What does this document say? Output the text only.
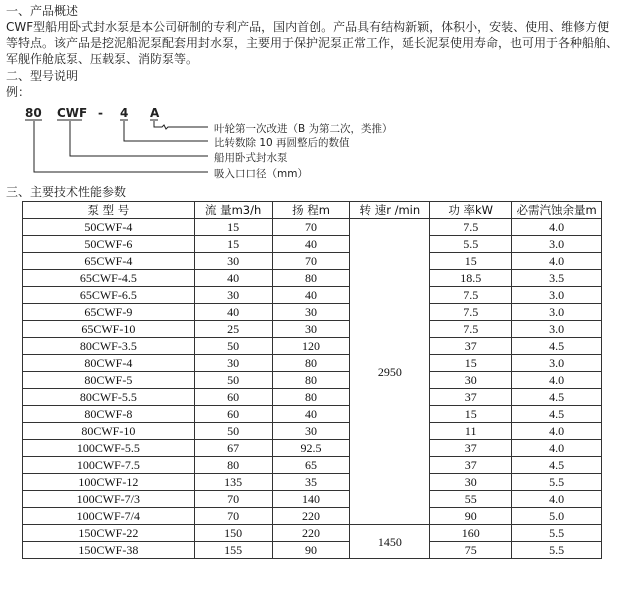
一、产品概述
CWF型船用卧式封水泵是本公司研制的专利产品，国内首创。产品具有结构新颖，体积小，安装、使用、维修方便等特点。该产品是挖泥船泥泵配套用封水泵，主要用于保护泥泵正常工作，延长泥泵使用寿命，也可用于各种船舶、军舰作舱底泵、压载泵、消防泵等。
二、型号说明
例：
80 CWF - 4 A
叶轮第一次改进（B 为第二次，类推）
比转数除 10 再圆整后的数值
船用卧式封水泵
吸入口口径（mm）
三、主要技术性能参数
泵 型 号	流 量m3/h	扬 程m	转 速r /min	功 率kW	必需汽蚀余量m
50CWF-4	15	70	2950	7.5	4.0
50CWF-6	15	40		5.5	3.0
65CWF-4	30	70		15	4.0
65CWF-4.5	40	80		18.5	3.5
65CWF-6.5	30	40		7.5	3.0
65CWF-9	40	30		7.5	3.0
65CWF-10	25	30		7.5	3.0
80CWF-3.5	50	120		37	4.5
80CWF-4	30	80		15	3.0
80CWF-5	50	80		30	4.0
80CWF-5.5	60	80		37	4.5
80CWF-8	60	40		15	4.5
80CWF-10	50	30		11	4.0
100CWF-5.5	67	92.5		37	4.0
100CWF-7.5	80	65		37	4.5
100CWF-12	135	35		30	5.5
100CWF-7/3	70	140		55	4.0
100CWF-7/4	70	220		90	5.0
150CWF-22	150	220	1450	160	5.5
150CWF-38	155	90		75	5.5
